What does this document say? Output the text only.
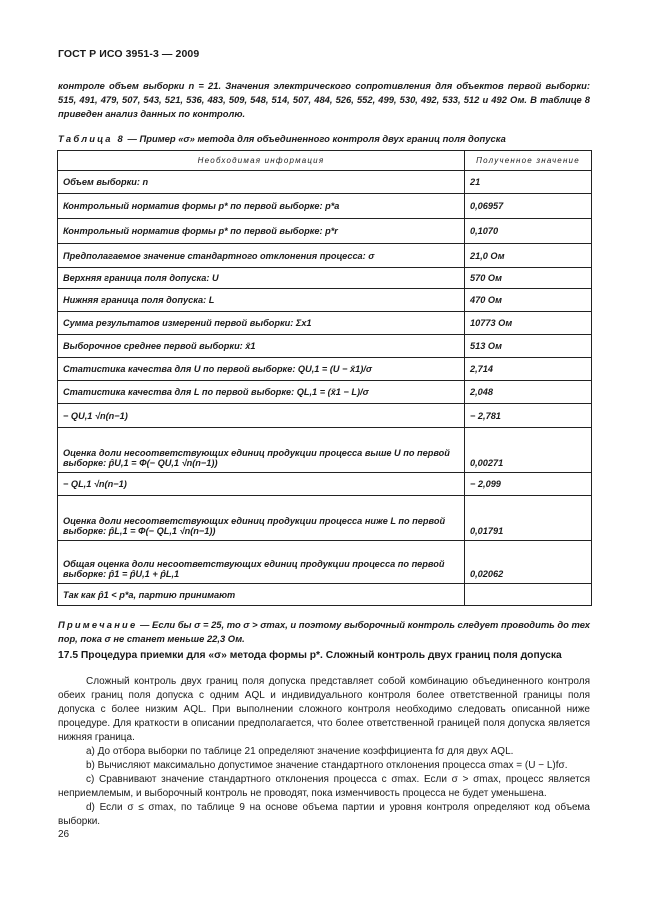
ГОСТ Р ИСО 3951-3 — 2009
контроле объем выборки n = 21. Значения электрического сопротивления для объектов первой выборки: 515, 491, 479, 507, 543, 521, 536, 483, 509, 548, 514, 507, 484, 526, 552, 499, 530, 492, 533, 512 и 492 Ом. В таблице 8 приведен анализ данных по контролю.
Таблица 8 — Пример «σ» метода для объединенного контроля двух границ поля допуска
Необходимая информация	Полученное значение
Объем выборки: n	21
Контрольный норматив формы p* по первой выборке: p*a	0,06957
Контрольный норматив формы p* по первой выборке: p*r	0,1070
Предполагаемое значение стандартного отклонения процесса: σ	21,0 Ом
Верхняя граница поля допуска: U	570 Ом
Нижняя граница поля допуска: L	470 Ом
Сумма результатов измерений первой выборки: Σx1	10773 Ом
Выборочное среднее первой выборки: x̄1	513 Ом
Статистика качества для U по первой выборке: QU,1 = (U − x̄1)/σ	2,714
Статистика качества для L по первой выборке: QL,1 = (x̄1 − L)/σ	2,048
− QU,1 √n(n−1)	− 2,781
Оценка доли несоответствующих единиц продукции процесса выше U по первой выборке: p̂U,1 = Φ(− QU,1 √n(n−1))	0,00271
− QL,1 √n(n−1)	− 2,099
Оценка доли несоответствующих единиц продукции процесса ниже L по первой выборке: p̂L,1 = Φ(− QL,1 √n(n−1))	0,01791
Общая оценка доли несоответствующих единиц продукции процесса по первой выборке: p̂1 = p̂U,1 + p̂L,1	0,02062
Так как p̂1 < p*a, партию принимают	
Примечание — Если бы σ = 25, то σ > σmax, и поэтому выборочный контроль следует проводить до тех пор, пока σ не станет меньше 22,3 Ом.
17.5 Процедура приемки для «σ» метода формы p*. Сложный контроль двух границ поля допуска

Сложный контроль двух границ поля допуска представляет собой комбинацию объединенного контроля обеих границ поля допуска с одним AQL и индивидуального контроля более ответственной границы поля допуска с более низким AQL. При выполнении сложного контроля необходимо следовать описанной ниже процедуре. Для краткости в описании предполагается, что более ответственной границей поля допуска является нижняя граница.

a) До отбора выборки по таблице 21 определяют значение коэффициента fσ для двух AQL.

b) Вычисляют максимально допустимое значение стандартного отклонения процесса σmax = (U − L)fσ.

c) Сравнивают значение стандартного отклонения процесса с σmax. Если σ > σmax, процесс является неприемлемым, и выборочный контроль не проводят, пока изменчивость процесса не будет уменьшена.

d) Если σ ≤ σmax, по таблице 9 на основе объема партии и уровня контроля определяют код объема выборки.

26
